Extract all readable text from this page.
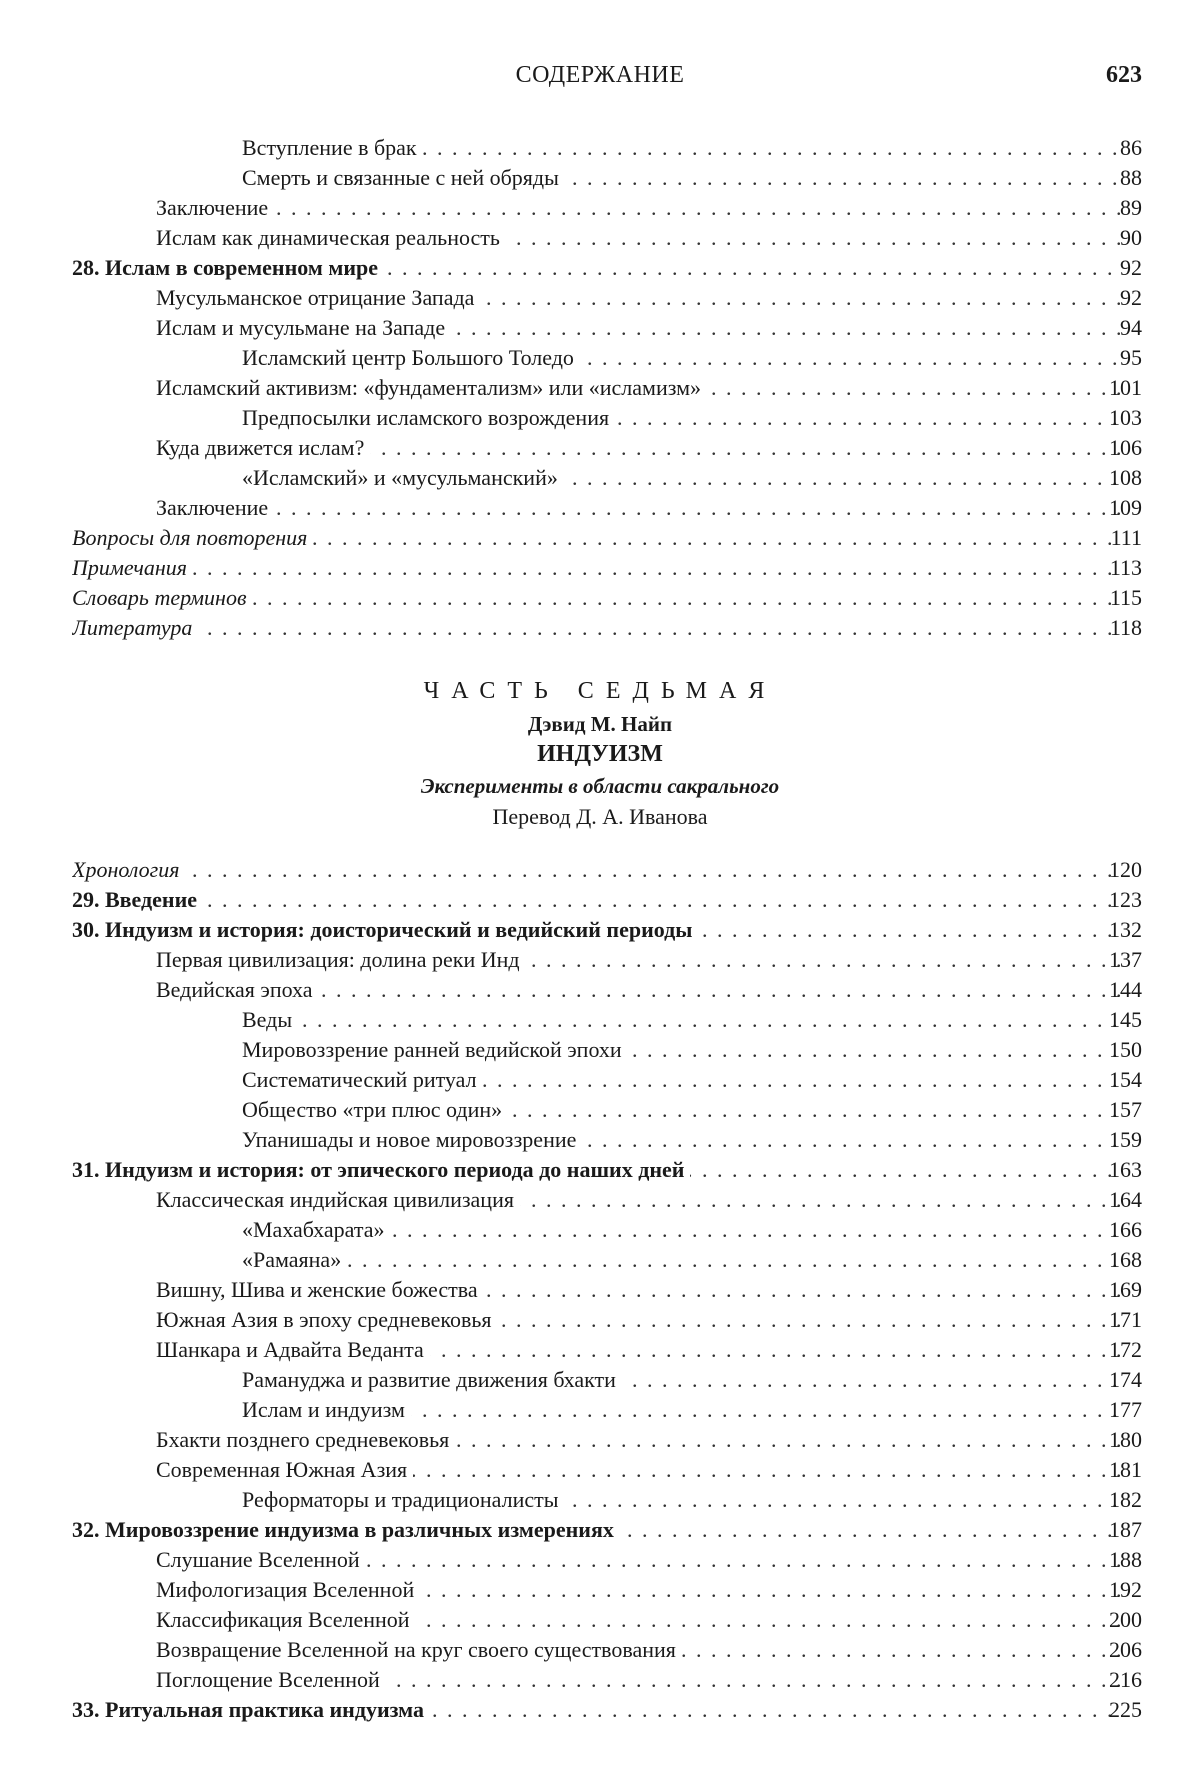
СОДЕРЖАНИЕ	623
Вступление в брак . . .	86
Смерть и связанные с ней обряды . . .	88
Заключение . . .	89
Ислам как динамическая реальность . . .	90
28. Ислам в современном мире . . .	92
Мусульманское отрицание Запада . . .	92
Ислам и мусульмане на Западе . . .	94
Исламский центр Большого Толедо . . .	95
Исламский активизм: «фундаментализм» или «исламизм» . . .	101
Предпосылки исламского возрождения . . .	103
Куда движется ислам? . . .	106
«Исламский» и «мусульманский» . . .	108
Заключение . . .	109
Вопросы для повторения . . .	111
Примечания . . .	113
Словарь терминов . . .	115
Литература . . .	118
ЧАСТЬ СЕДЬМАЯ
Дэвид М. Найп
ИНДУИЗМ
Эксперименты в области сакрального
Перевод Д. А. Иванова
Хронология . . .	120
29. Введение . . .	123
30. Индуизм и история: доисторический и ведийский периоды . . .	132
Первая цивилизация: долина реки Инд . . .	137
Ведийская эпоха . . .	144
Веды . . .	145
Мировоззрение ранней ведийской эпохи . . .	150
Систематический ритуал . . .	154
Общество «три плюс один» . . .	157
Упанишады и новое мировоззрение . . .	159
31. Индуизм и история: от эпического периода до наших дней . . .	163
Классическая индийская цивилизация . . .	164
«Махабхарата» . . .	166
«Рамаяна» . . .	168
Вишну, Шива и женские божества . . .	169
Южная Азия в эпоху средневековья . . .	171
Шанкара и Адвайта Веданта . . .	172
Рамануджа и развитие движения бхакти . . .	174
Ислам и индуизм . . .	177
Бхакти позднего средневековья . . .	180
Современная Южная Азия . . .	181
Реформаторы и традиционалисты . . .	182
32. Мировоззрение индуизма в различных измерениях . . .	187
Слушание Вселенной . . .	188
Мифологизация Вселенной . . .	192
Классификация Вселенной . . .	200
Возвращение Вселенной на круг своего существования . . .	206
Поглощение Вселенной . . .	216
33. Ритуальная практика индуизма . . .	225
